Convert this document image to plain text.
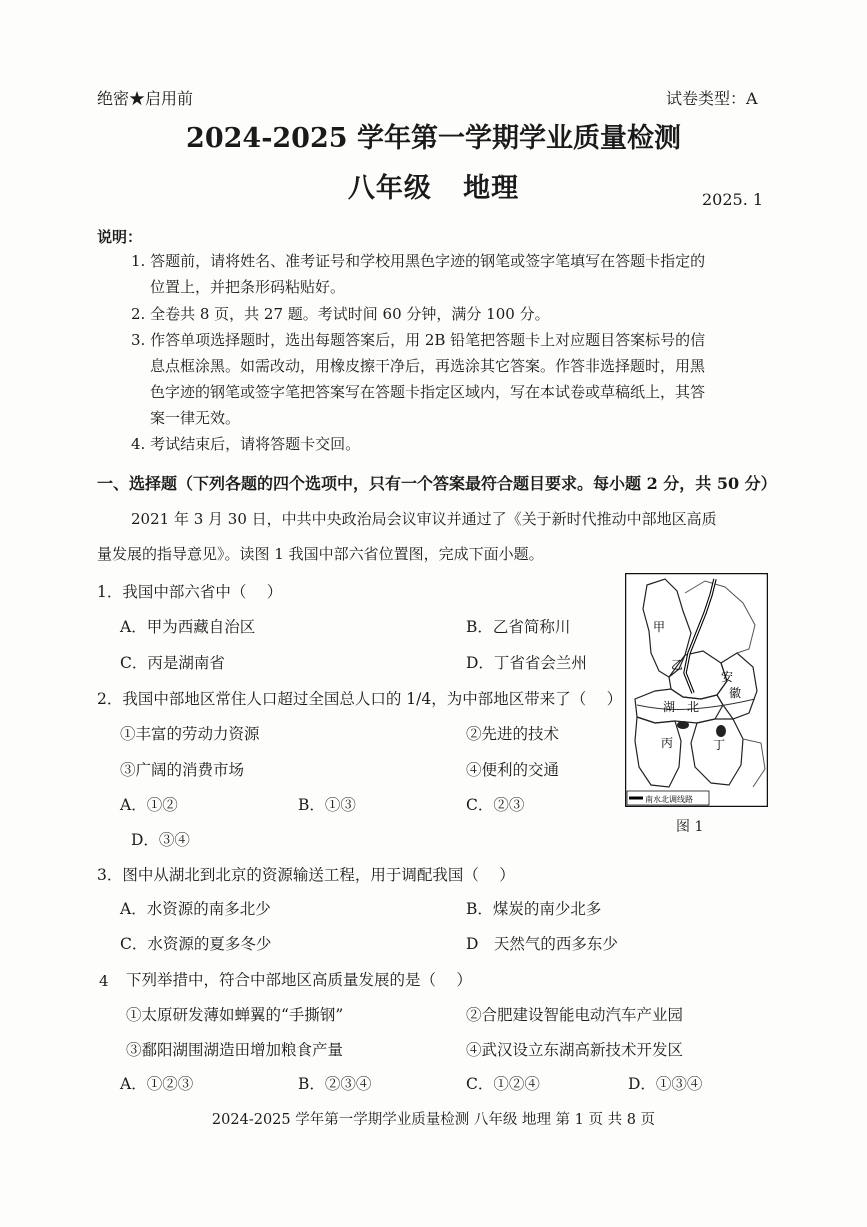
绝密★启用前	试卷类型：A
2024-2025 学年第一学期学业质量检测
八年级   地理	2025. 1
说明：
1. 答题前，请将姓名、准考证号和学校用黑色字迹的钢笔或签字笔填写在答题卡指定的
位置上，并把条形码粘贴好。
2. 全卷共 8 页，共 27 题。考试时间 60 分钟，满分 100 分。
3. 作答单项选择题时，选出每题答案后，用 2B 铅笔把答题卡上对应题目答案标号的信
息点框涂黑。如需改动，用橡皮擦干净后，再选涂其它答案。作答非选择题时，用黑
色字迹的钢笔或签字笔把答案写在答题卡指定区域内，写在本试卷或草稿纸上，其答
案一律无效。
4. 考试结束后，请将答题卡交回。
一、选择题（下列各题的四个选项中，只有一个答案最符合题目要求。每小题 2 分，共 50 分）
2021 年 3 月 30 日，中共中央政治局会议审议并通过了《关于新时代推动中部地区高质
量发展的指导意见》。读图 1 我国中部六省位置图，完成下面小题。
1．我国中部六省中（　 ）
A．甲为西藏自治区	B．乙省简称川
C．丙是湖南省	D．丁省省会兰州
2．我国中部地区常住人口超过全国总人口的 1/4，为中部地区带来了（　 ）
①丰富的劳动力资源	②先进的技术
③广阔的消费市场	④便利的交通
A．①②	B．①③	C．②③
D．③④
3．图中从湖北到北京的资源输送工程，用于调配我国（　 ）
A．水资源的南多北少	B．煤炭的南少北多
C．水资源的夏多冬少	D　天然气的西多东少
4 下列举措中，符合中部地区高质量发展的是（　 ）
①太原研发薄如蝉翼的“手撕钢”	②合肥建设智能电动汽车产业园
③鄱阳湖围湖造田增加粮食产量	④武汉设立东湖高新技术开发区
A．①②③	B．②③④	C．①②④	D．①③④
甲
乙
湖 北
安
徽
丙	丁
南水北调线路
图 1
2024-2025 学年第一学期学业质量检测 八年级 地理 第 1 页 共 8 页
